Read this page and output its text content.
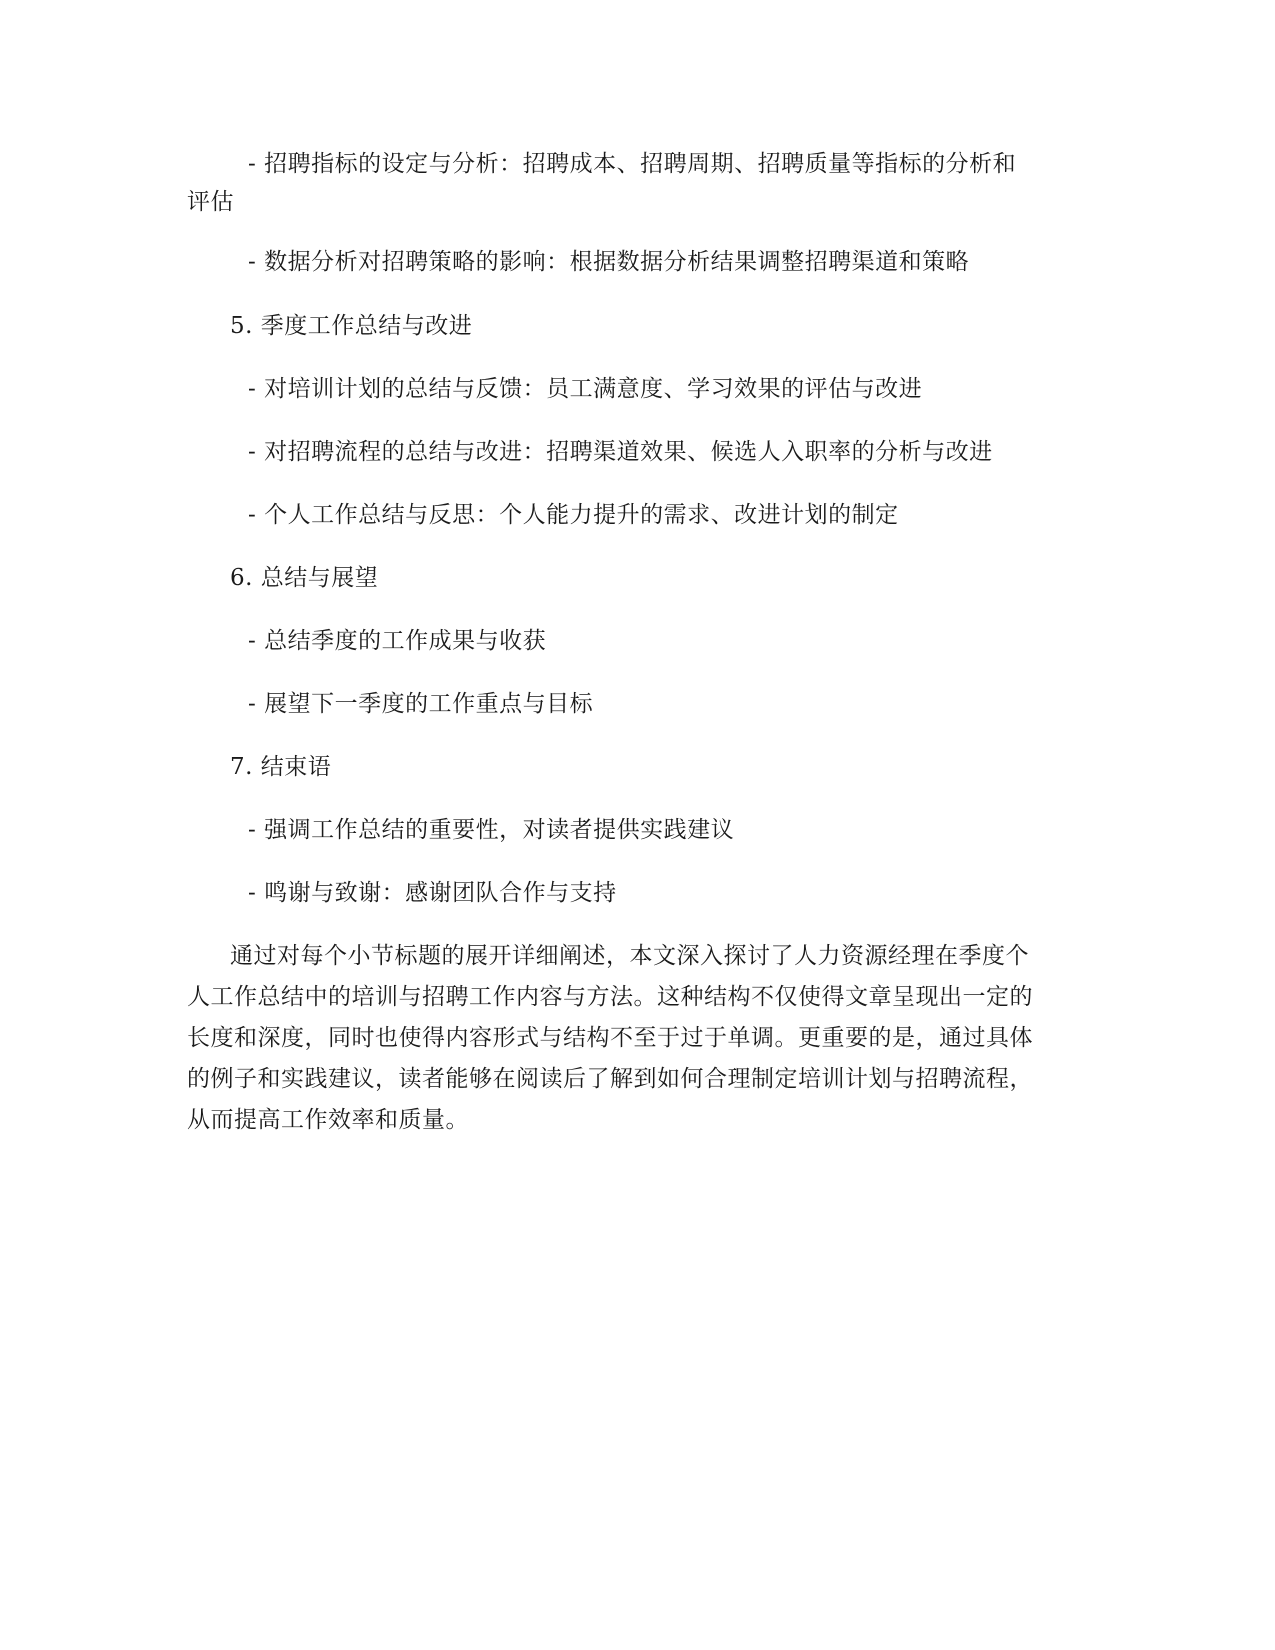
- 招聘指标的设定与分析：招聘成本、招聘周期、招聘质量等指标的分析和
评估
- 数据分析对招聘策略的影响：根据数据分析结果调整招聘渠道和策略
5. 季度工作总结与改进
- 对培训计划的总结与反馈：员工满意度、学习效果的评估与改进
- 对招聘流程的总结与改进：招聘渠道效果、候选人入职率的分析与改进
- 个人工作总结与反思：个人能力提升的需求、改进计划的制定
6. 总结与展望
- 总结季度的工作成果与收获
- 展望下一季度的工作重点与目标
7. 结束语
- 强调工作总结的重要性，对读者提供实践建议
- 鸣谢与致谢：感谢团队合作与支持
通过对每个小节标题的展开详细阐述，本文深入探讨了人力资源经理在季度个
人工作总结中的培训与招聘工作内容与方法。这种结构不仅使得文章呈现出一定的
长度和深度，同时也使得内容形式与结构不至于过于单调。更重要的是，通过具体
的例子和实践建议，读者能够在阅读后了解到如何合理制定培训计划与招聘流程，
从而提高工作效率和质量。
